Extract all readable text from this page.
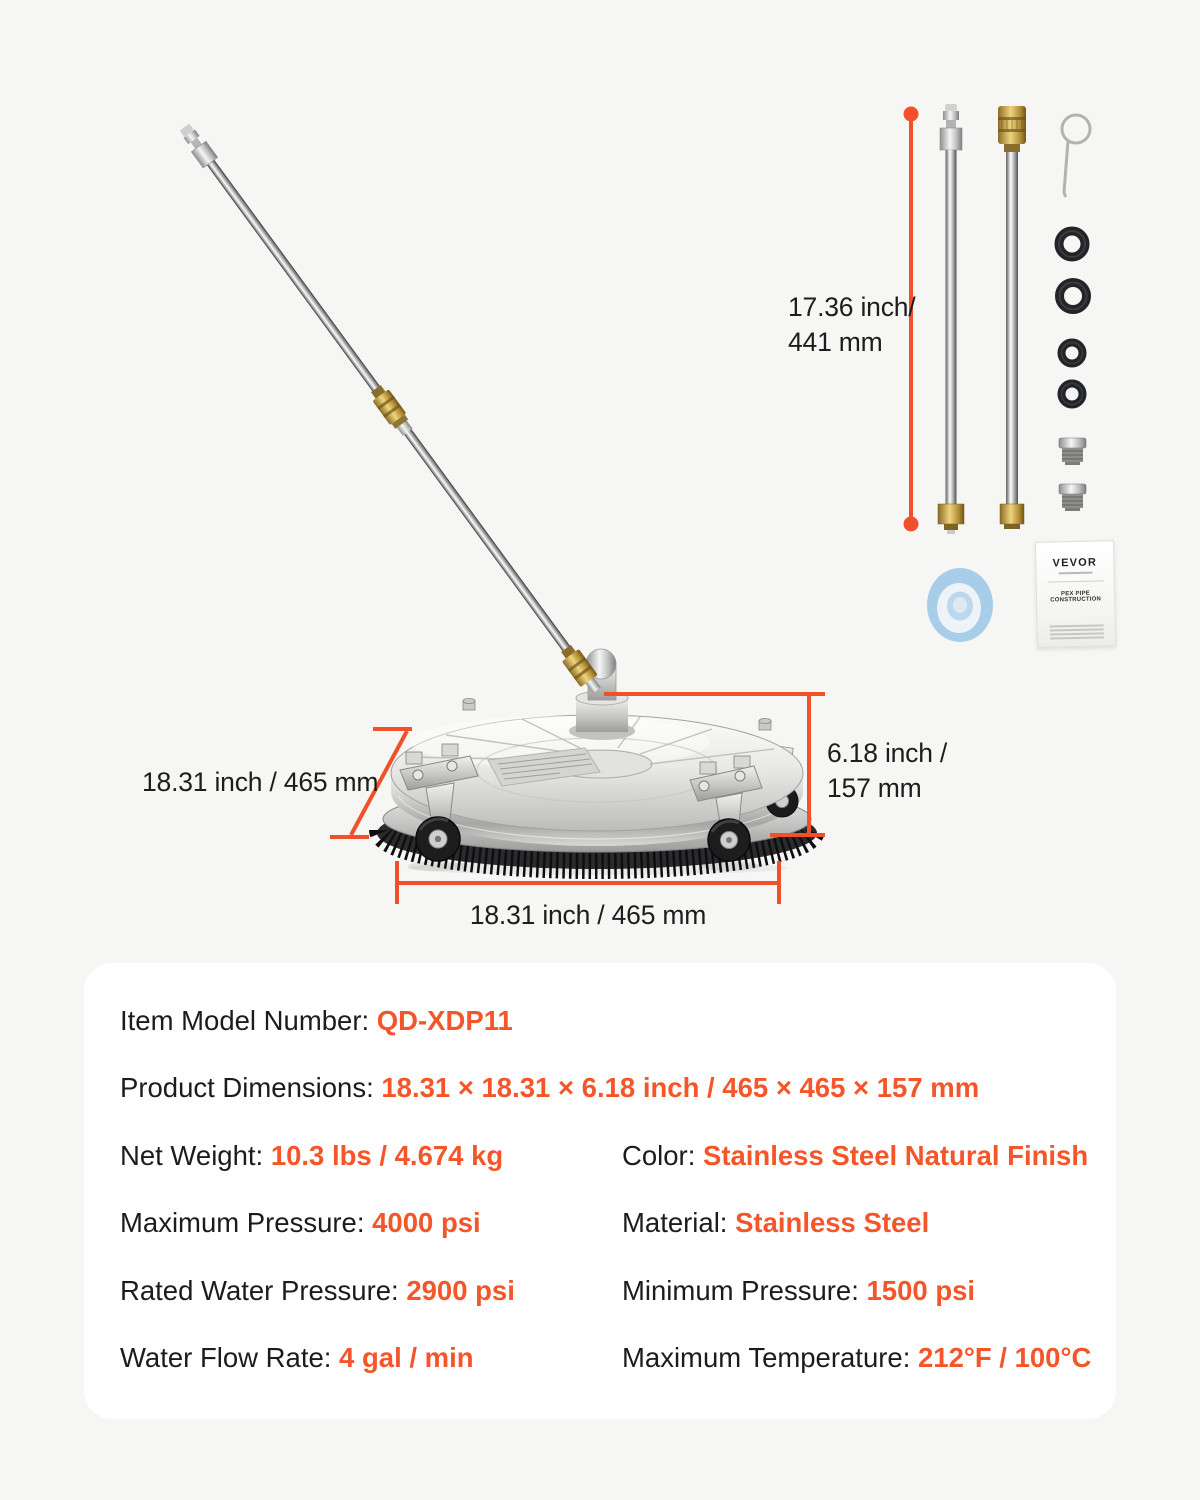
17.36 inch/
441 mm
18.31 inch / 465 mm
6.18 inch /
157 mm
18.31 inch / 465 mm
VEVOR
PEX PIPE CONSTRUCTION
Item Model Number: QD-XDP11
Product Dimensions: 18.31 × 18.31 × 6.18 inch / 465 × 465 × 157 mm
Net Weight: 10.3 lbs / 4.674 kg	Color: Stainless Steel Natural Finish
Maximum Pressure: 4000 psi	Material: Stainless Steel
Rated Water Pressure: 2900 psi	Minimum Pressure: 1500 psi
Water Flow Rate: 4 gal / min	Maximum Temperature: 212°F / 100°C
